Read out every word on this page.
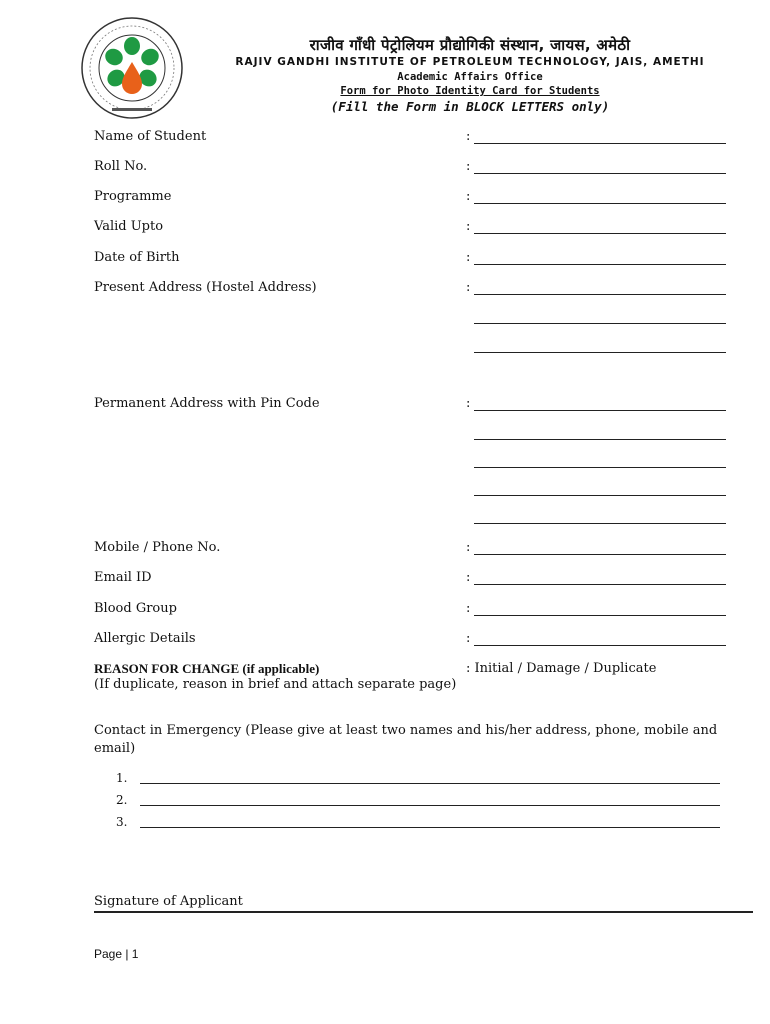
राजीव गाँधी पेट्रोलियम प्रौद्योगिकी संस्थान, जायस, अमेठी
RAJIV GANDHI INSTITUTE OF PETROLEUM TECHNOLOGY, JAIS, AMETHI
Academic Affairs Office
Form for Photo Identity Card for Students
(Fill the Form in BLOCK LETTERS only)
Name of Student
Roll No.
Programme
Valid Upto
Date of Birth
Present Address (Hostel Address)
Permanent Address with Pin Code
Mobile / Phone No.
Email ID
Blood Group
Allergic Details
:
:
:
:
:
:
:
:
:
:
:
REASON FOR CHANGE (if applicable)	: Initial / Damage / Duplicate
(If duplicate, reason in brief and attach separate page)
Contact in Emergency (Please give at least two names and his/her address, phone, mobile and email)
1.
2.
3.
Signature of Applicant
Page | 1
